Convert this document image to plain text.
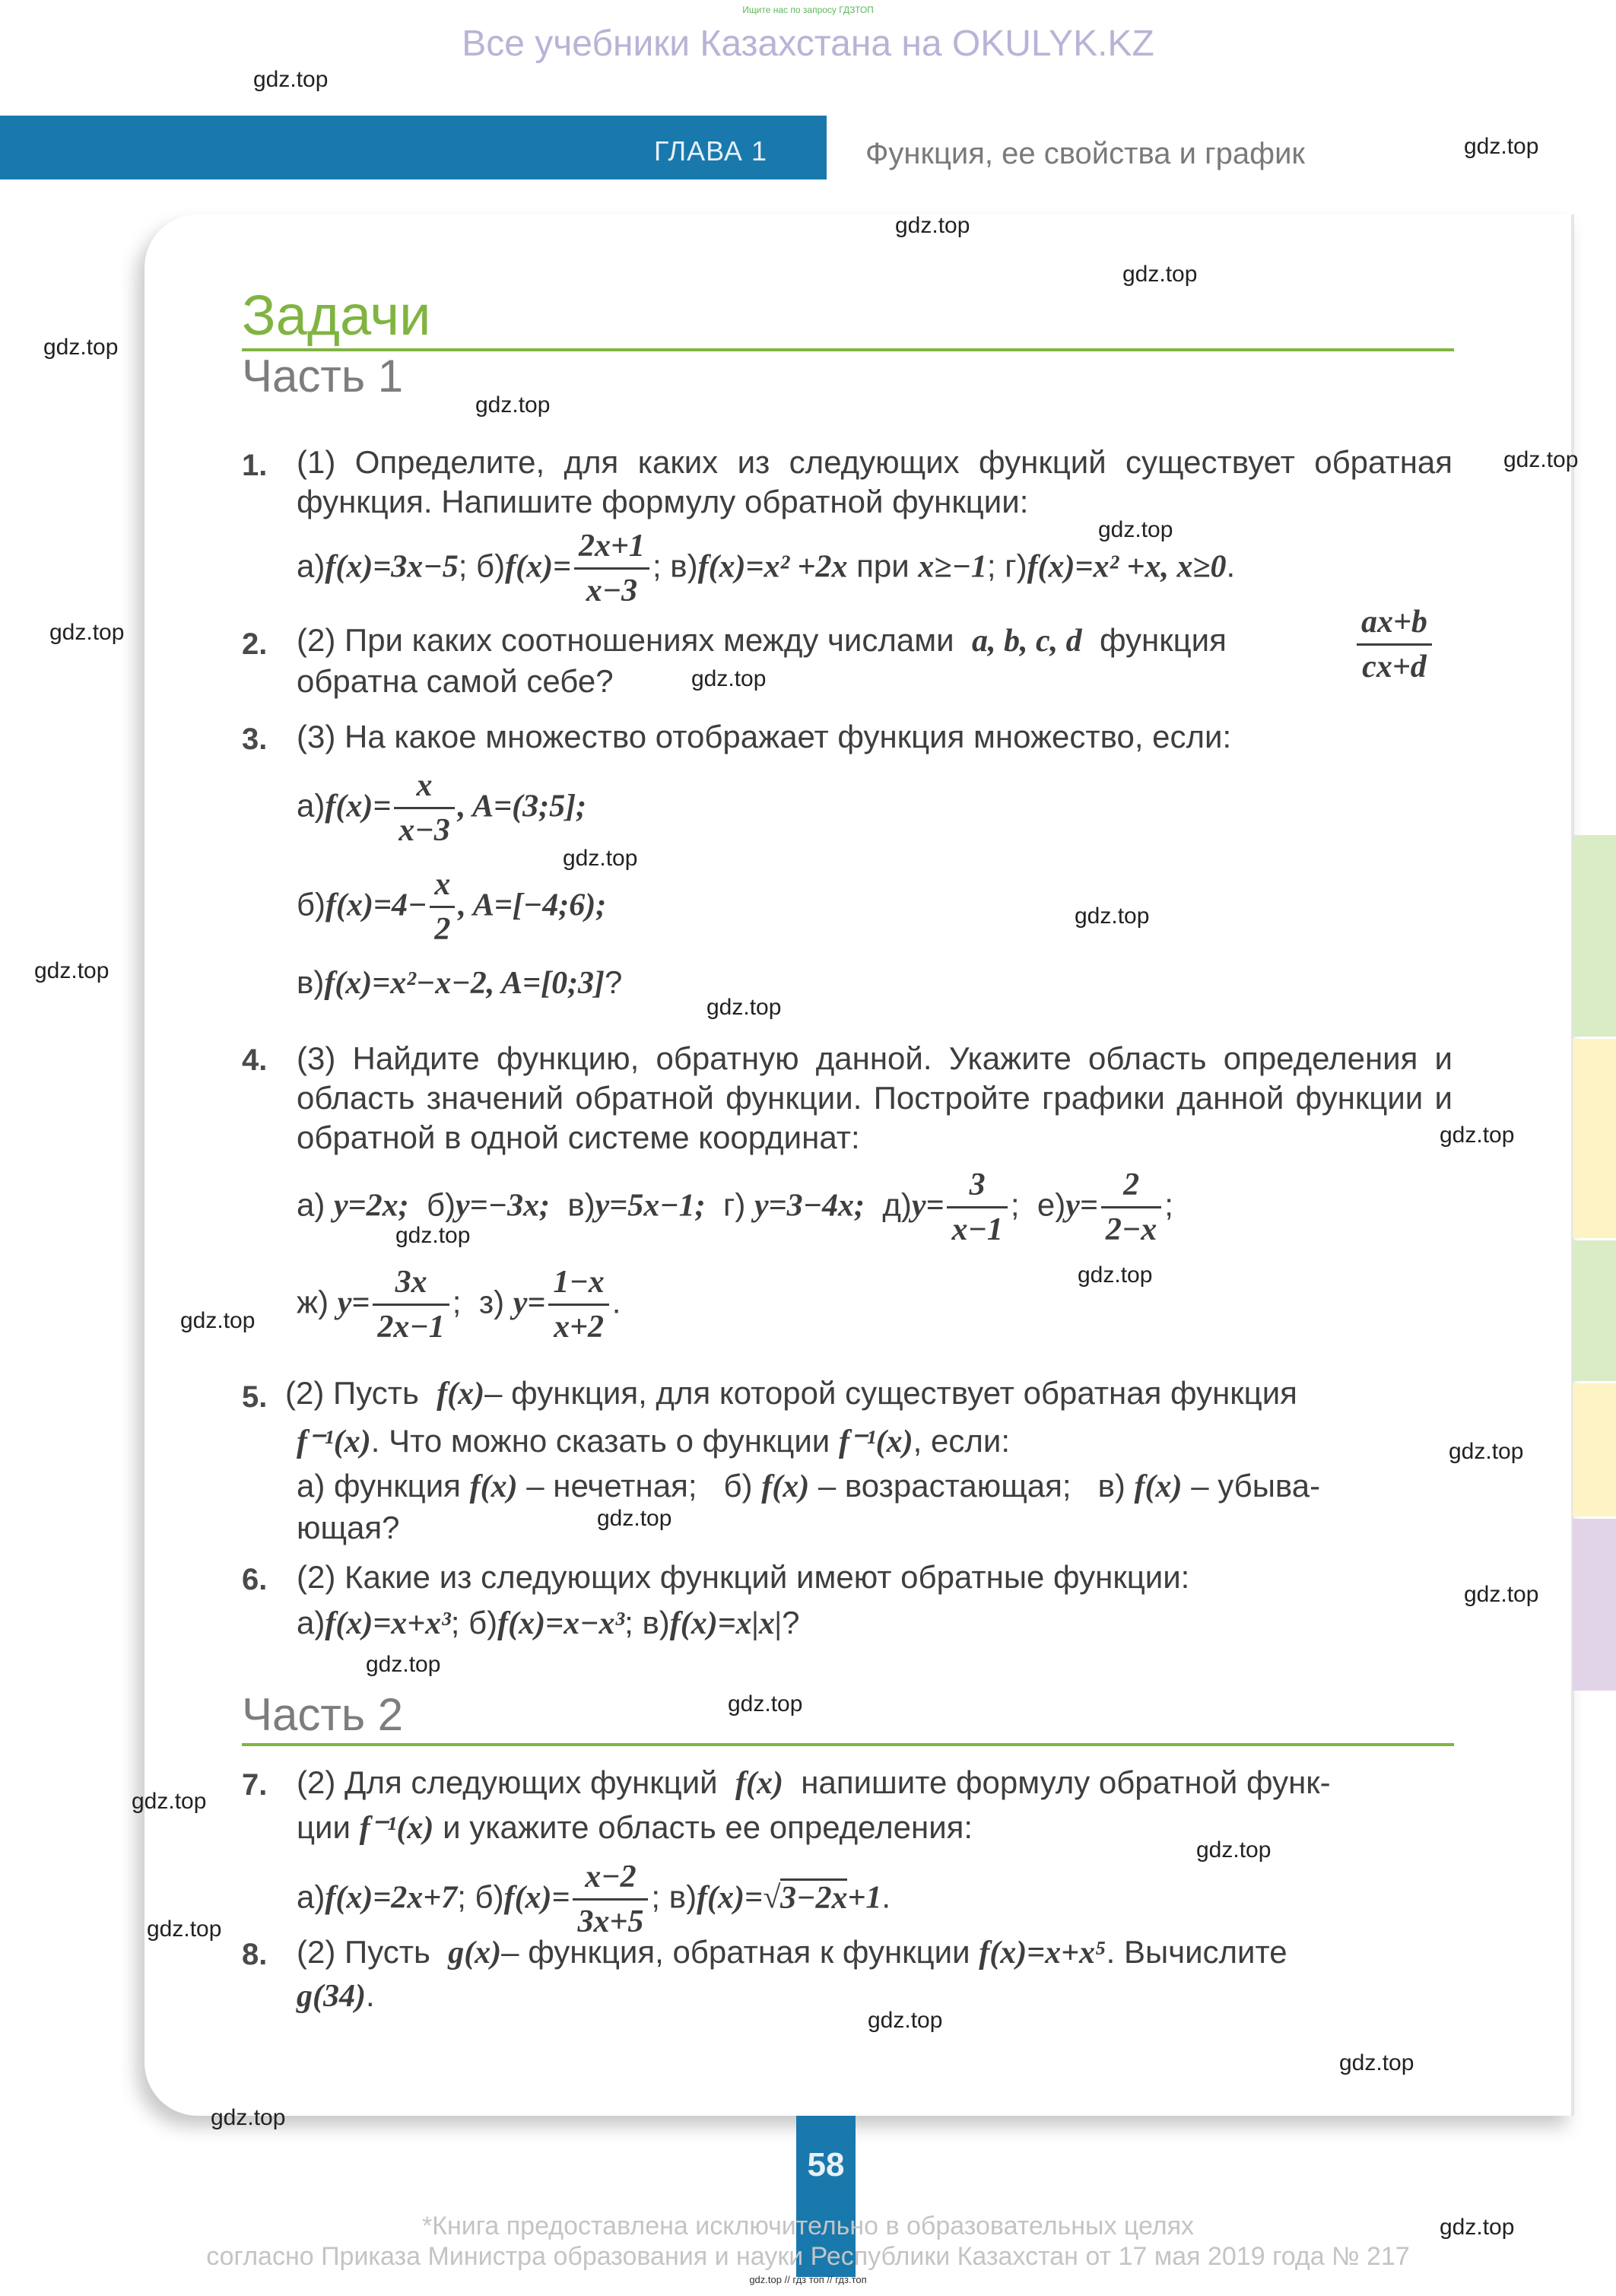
Ищите нас по запросу ГДЗТОП
Все учебники Казахстана на OKULYK.KZ
ГЛАВА 1	Функция, ее свойства и график
Задачи
Часть 1
1. (1) Определите, для каких из следующих функций существует обратная функция. Напишите формулу обратной функции:
а)f(x)=3x−5; $б)f(x)= \frac{2x+1}{x-3}$ ; в)f(x)=x² +2x при x≥−1; г)f(x)=x² +x, x≥0.
2. (2) При каких соотношениях между числами a, b, c, d функция	$\frac{ax+b}{cx+d}$
обратна самой себе?
3. (3) На какое множество отображает функция множество, если:
$а)f(x)= \frac{x}{x-3}$ , A=(3;5];
$б)f(x)=4- \frac{x}{2}$ , A=[−4;6);
в)f(x)=x²−x−2, A=[0;3]?
4. (3) Найдите функцию, обратную данной. Укажите область определения и область значений обратной функции. Постройте графики данной функции и обратной в одной системе координат:
а) y=2x; б)y=−3x; в)y=5x−1; г) y=3−4x; $д)y= \frac{3}{x-1}$ ; $е)y= \frac{2}{2-x}$ ;
ж) $y= \frac{3x}{2x-1}$ ; з) $y= \frac{1-x}{x+2}$ .
5. (2) Пусть f(x)– функция, для которой существует обратная функция
f⁻¹(x). Что можно сказать о функции f⁻¹(x), если:
а) функция f(x) – нечетная; б) f(x) – возрастающая; в) f(x) – убыва-
ющая?
6. (2) Какие из следующих функций имеют обратные функции:
а)f(x)=x+x³; б)f(x)=x−x³; в)f(x)=x|x|?
Часть 2
7. (2) Для следующих функций f(x) напишите формулу обратной функ-
ции f⁻¹(x) и укажите область ее определения:
а)f(x)=2x+7; $б)f(x)= \frac{x-2}{3x+5}$ ; в)f(x)=√3−2x+1.
8. (2) Пусть g(x)– функция, обратная к функции f(x)=x+x⁵. Вычислите
g(34).
58
*Книга предоставлена исключительно в образовательных целях
согласно Приказа Министра образования и науки Республики Казахстан от 17 мая 2019 года № 217
gdz.top // гдз топ // гдз.топ
gdz.top
gdz.top
gdz.top
gdz.top
gdz.top
gdz.top
gdz.top
gdz.top
gdz.top
gdz.top
gdz.top
gdz.top
gdz.top
gdz.top
gdz.top
gdz.top
gdz.top
gdz.top
gdz.top
gdz.top
gdz.top
gdz.top
gdz.top
gdz.top
gdz.top
gdz.top
gdz.top
gdz.top
gdz.top
gdz.top
